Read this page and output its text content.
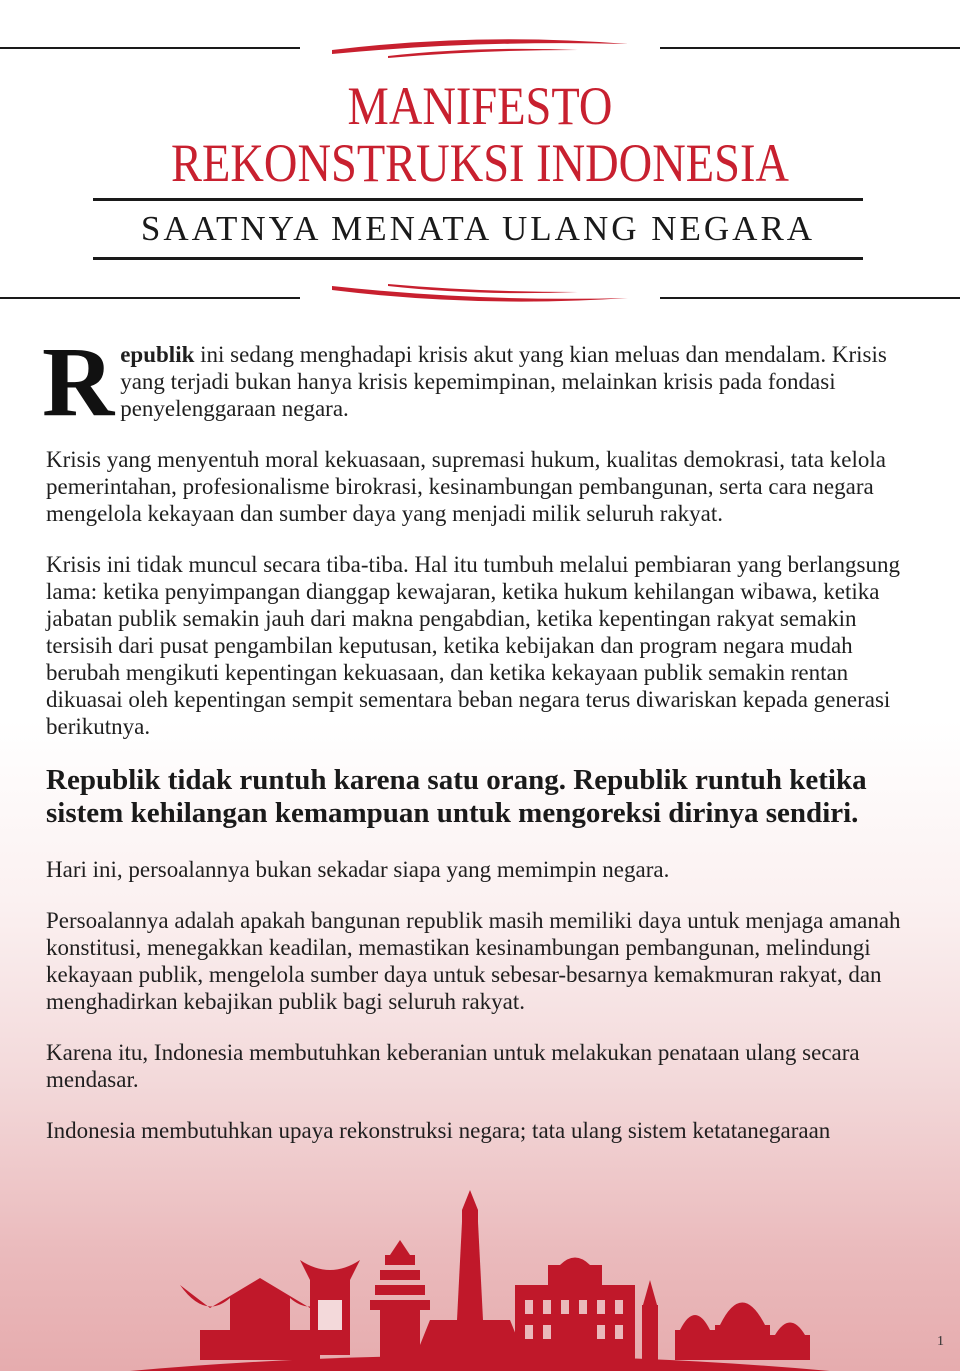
MANIFESTO
REKONSTRUKSI INDONESIA
SAATNYA MENATA ULANG NEGARA

Republik ini sedang menghadapi krisis akut yang kian meluas dan mendalam. Krisis yang terjadi bukan hanya krisis kepemimpinan, melainkan krisis pada fondasi penyelenggaraan negara.

Krisis yang menyentuh moral kekuasaan, supremasi hukum, kualitas demokrasi, tata kelola pemerintahan, profesionalisme birokrasi, kesinambungan pembangunan, serta cara negara mengelola kekayaan dan sumber daya yang menjadi milik seluruh rakyat.

Krisis ini tidak muncul secara tiba-tiba. Hal itu tumbuh melalui pembiaran yang berlangsung lama: ketika penyimpangan dianggap kewajaran, ketika hukum kehilangan wibawa, ketika jabatan publik semakin jauh dari makna pengabdian, ketika kepentingan rakyat semakin tersisih dari pusat pengambilan keputusan, ketika kebijakan dan program negara mudah berubah mengikuti kepentingan kekuasaan, dan ketika kekayaan publik semakin rentan dikuasai oleh kepentingan sempit sementara beban negara terus diwariskan kepada generasi berikutnya.

Republik tidak runtuh karena satu orang. Republik runtuh ketika sistem kehilangan kemampuan untuk mengoreksi dirinya sendiri.

Hari ini, persoalannya bukan sekadar siapa yang memimpin negara.

Persoalannya adalah apakah bangunan republik masih memiliki daya untuk menjaga amanah konstitusi, menegakkan keadilan, memastikan kesinambungan pembangunan, melindungi kekayaan publik, mengelola sumber daya untuk sebesar-besarnya kemakmuran rakyat, dan menghadirkan kebajikan publik bagi seluruh rakyat.

Karena itu, Indonesia membutuhkan keberanian untuk melakukan penataan ulang secara mendasar.

Indonesia membutuhkan upaya rekonstruksi negara; tata ulang sistem ketatanegaraan

1
